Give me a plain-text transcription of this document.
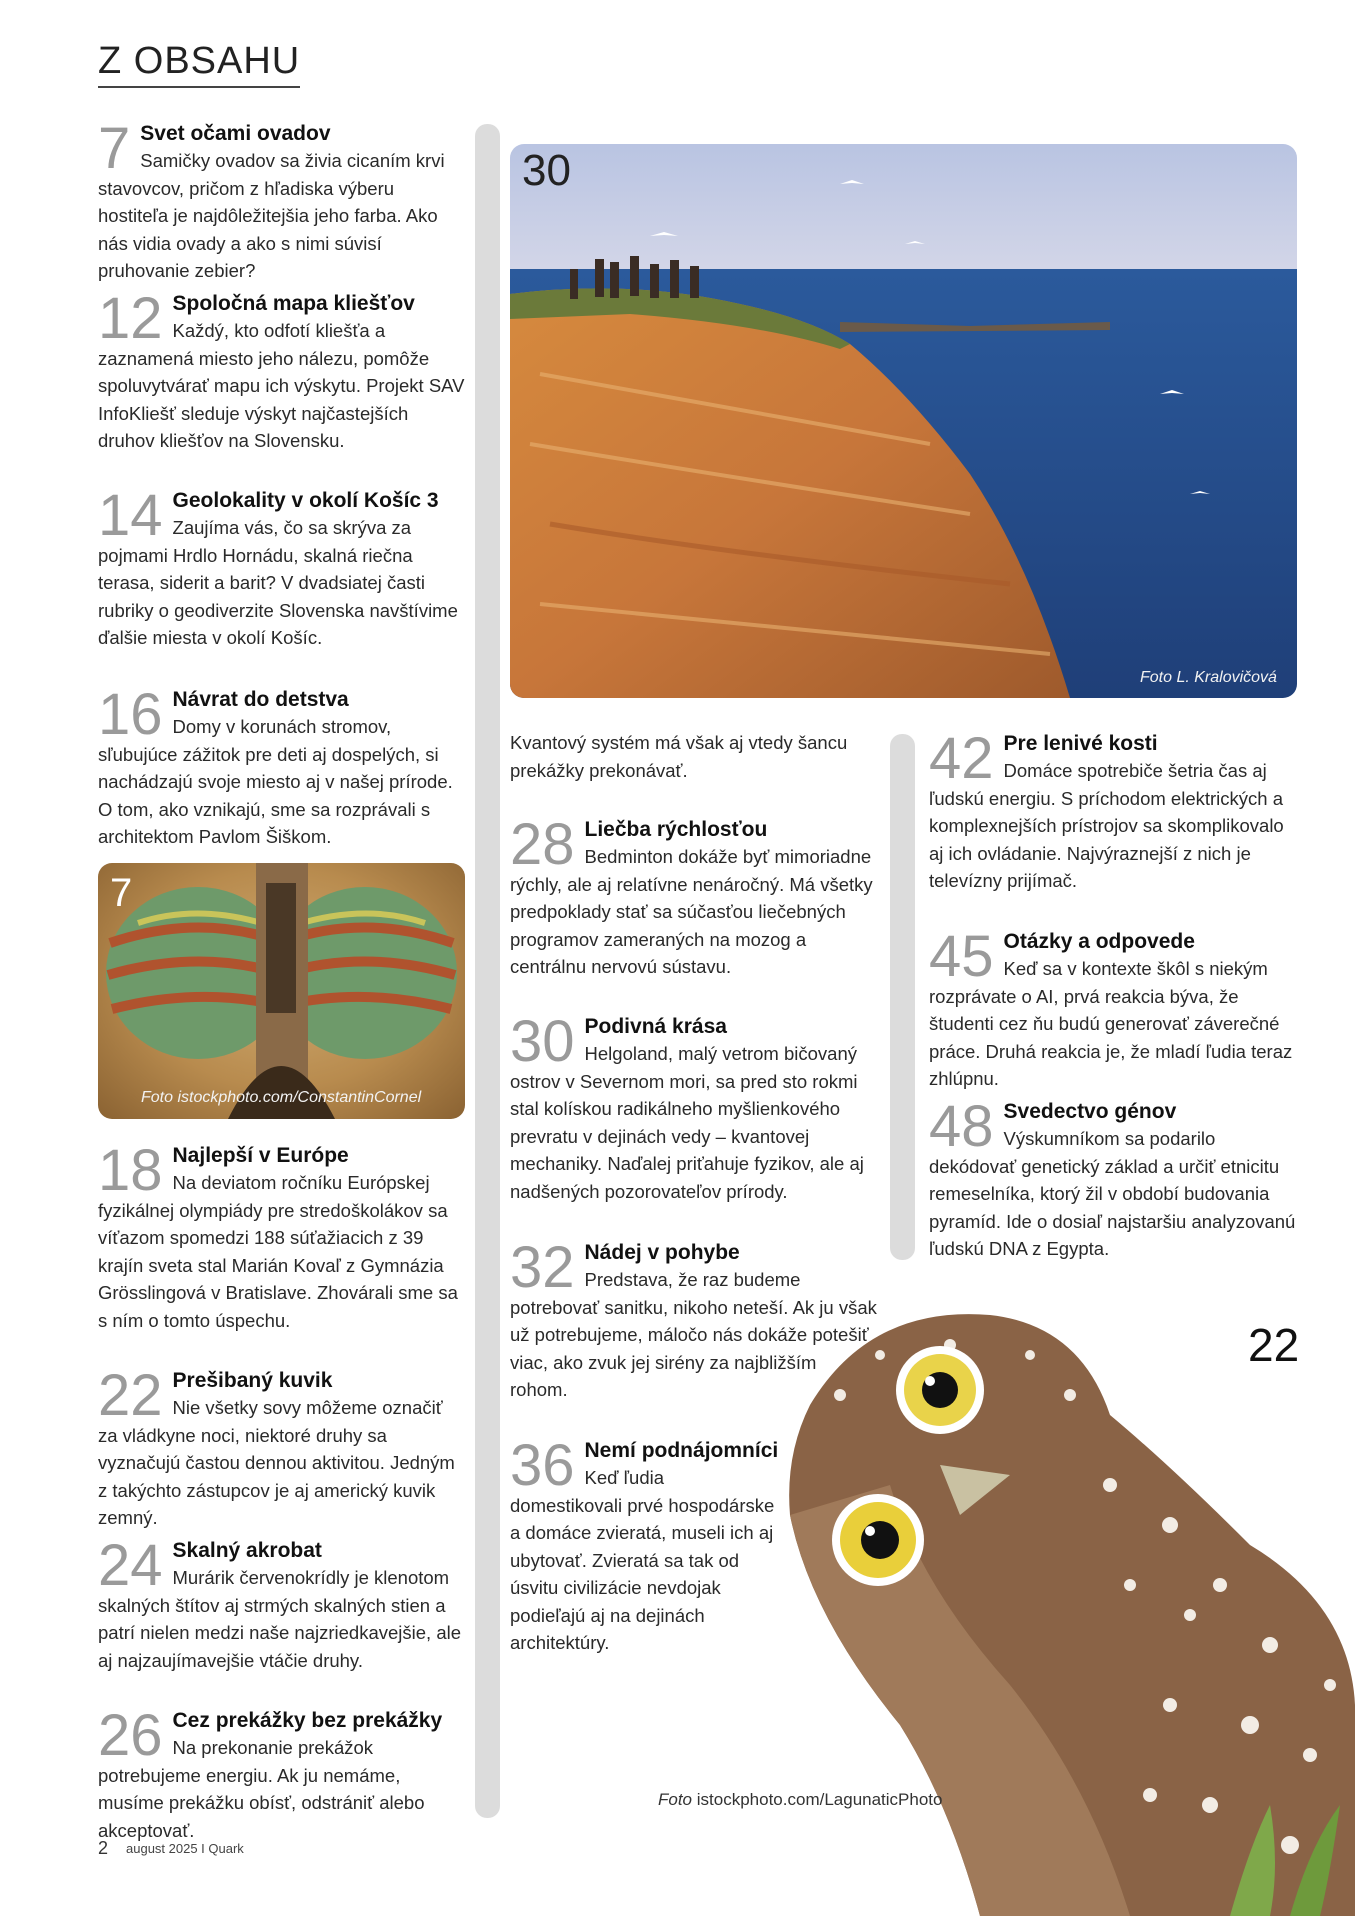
Z OBSAHU
7 Svet očami ovadov
Samičky ovadov sa živia cicaním krvi stavovcov, pričom z hľadiska výberu hostiteľa je najdôležitejšia jeho farba. Ako nás vidia ovady a ako s nimi súvisí pruhovanie zebier?
12 Spoločná mapa kliešťov
Každý, kto odfotí kliešťa a zaznamená miesto jeho nálezu, pomôže spoluvytvárať mapu ich výskytu. Projekt SAV InfoKliešť sleduje výskyt najčastejších druhov kliešťov na Slovensku.
14 Geolokality v okolí Košíc 3
Zaujíma vás, čo sa skrýva za pojmami Hrdlo Hornádu, skalná riečna terasa, siderit a barit? V dvadsiatej časti rubriky o geodiverzite Slovenska navštívime ďalšie miesta v okolí Košíc.
16 Návrat do detstva
Domy v korunách stromov, sľubujúce zážitok pre deti aj dospelých, si nachádzajú svoje miesto aj v našej prírode. O tom, ako vznikajú, sme sa rozprávali s architektom Pavlom Šiškom.
7
Foto istockphoto.com/ConstantinCornel
18 Najlepší v Európe
Na deviatom ročníku Európskej fyzikálnej olympiády pre stredoškolákov sa víťazom spomedzi 188 súťažiacich z 39 krajín sveta stal Marián Kovaľ z Gymnázia Grösslingová v Bratislave. Zhovárali sme sa s ním o tomto úspechu.
22 Prešibaný kuvik
Nie všetky sovy môžeme označiť za vládkyne noci, niektoré druhy sa vyznačujú častou dennou aktivitou. Jedným z takýchto zástupcov je aj americký kuvik zemný.
24 Skalný akrobat
Murárik červenokrídly je klenotom skalných štítov aj strmých skalných stien a patrí nielen medzi naše najzriedkavejšie, ale aj najzaujímavejšie vtáčie druhy.
26 Cez prekážky bez prekážky
Na prekonanie prekážok potrebujeme energiu. Ak ju nemáme, musíme prekážku obísť, odstrániť alebo akceptovať.
30
Foto L. Kralovičová
Kvantový systém má však aj vtedy šancu prekážky prekonávať.
28 Liečba rýchlosťou
Bedminton dokáže byť mimoriadne rýchly, ale aj relatívne nenáročný. Má všetky predpoklady stať sa súčasťou liečebných programov zameraných na mozog a centrálnu nervovú sústavu.
30 Podivná krása
Helgoland, malý vetrom bičovaný ostrov v Severnom mori, sa pred sto rokmi stal kolískou radikálneho myšlienkového prevratu v dejinách vedy – kvantovej mechaniky. Naďalej priťahuje fyzikov, ale aj nadšených pozorovateľov prírody.
32 Nádej v pohybe
Predstava, že raz budeme potrebovať sanitku, nikoho neteší. Ak ju však už potrebujeme, máločo nás dokáže potešiť viac, ako zvuk jej sirény za najbližším rohom.
36 Nemí podnájomníci
Keď ľudia domestikovali prvé hospodárske a domáce zvieratá, museli ich aj ubytovať. Zvieratá sa tak od úsvitu civilizácie nevdojak podieľajú aj na dejinách architektúry.
42 Pre lenivé kosti
Domáce spotrebiče šetria čas aj ľudskú energiu. S príchodom elektrických a komplexnejších prístrojov sa skomplikovalo aj ich ovládanie. Najvýraznejší z nich je televízny prijímač.
45 Otázky a odpovede
Keď sa v kontexte škôl s niekým rozprávate o AI, prvá reakcia býva, že študenti cez ňu budú generovať záverečné práce. Druhá reakcia je, že mladí ľudia teraz zhlúpnu.
48 Svedectvo génov
Výskumníkom sa podarilo dekódovať genetický základ a určiť etnicitu remeselníka, ktorý žil v období budovania pyramíd. Ide o dosiaľ najstaršiu analyzovanú ľudskú DNA z Egypta.
22
Foto istockphoto.com/LagunaticPhoto
2 august 2025 I Quark
